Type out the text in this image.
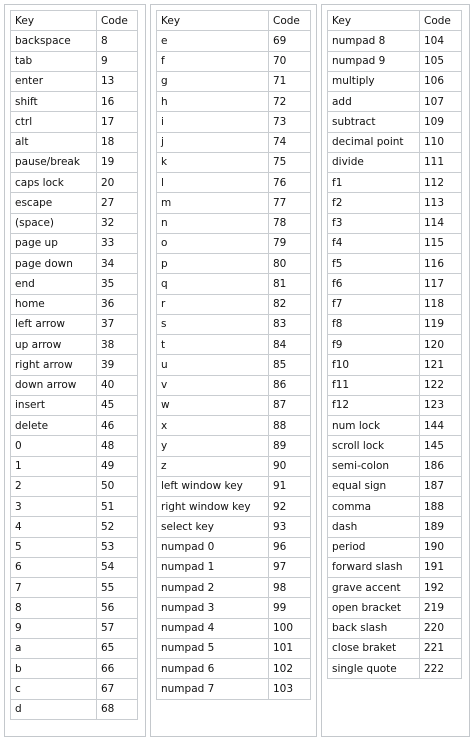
Key	Code
backspace	8
tab	9
enter	13
shift	16
ctrl	17
alt	18
pause/break	19
caps lock	20
escape	27
(space)	32
page up	33
page down	34
end	35
home	36
left arrow	37
up arrow	38
right arrow	39
down arrow	40
insert	45
delete	46
0	48
1	49
2	50
3	51
4	52
5	53
6	54
7	55
8	56
9	57
a	65
b	66
c	67
d	68
Key	Code
e	69
f	70
g	71
h	72
i	73
j	74
k	75
l	76
m	77
n	78
o	79
p	80
q	81
r	82
s	83
t	84
u	85
v	86
w	87
x	88
y	89
z	90
left window key	91
right window key	92
select key	93
numpad 0	96
numpad 1	97
numpad 2	98
numpad 3	99
numpad 4	100
numpad 5	101
numpad 6	102
numpad 7	103
Key	Code
numpad 8	104
numpad 9	105
multiply	106
add	107
subtract	109
decimal point	110
divide	111
f1	112
f2	113
f3	114
f4	115
f5	116
f6	117
f7	118
f8	119
f9	120
f10	121
f11	122
f12	123
num lock	144
scroll lock	145
semi-colon	186
equal sign	187
comma	188
dash	189
period	190
forward slash	191
grave accent	192
open bracket	219
back slash	220
close braket	221
single quote	222
